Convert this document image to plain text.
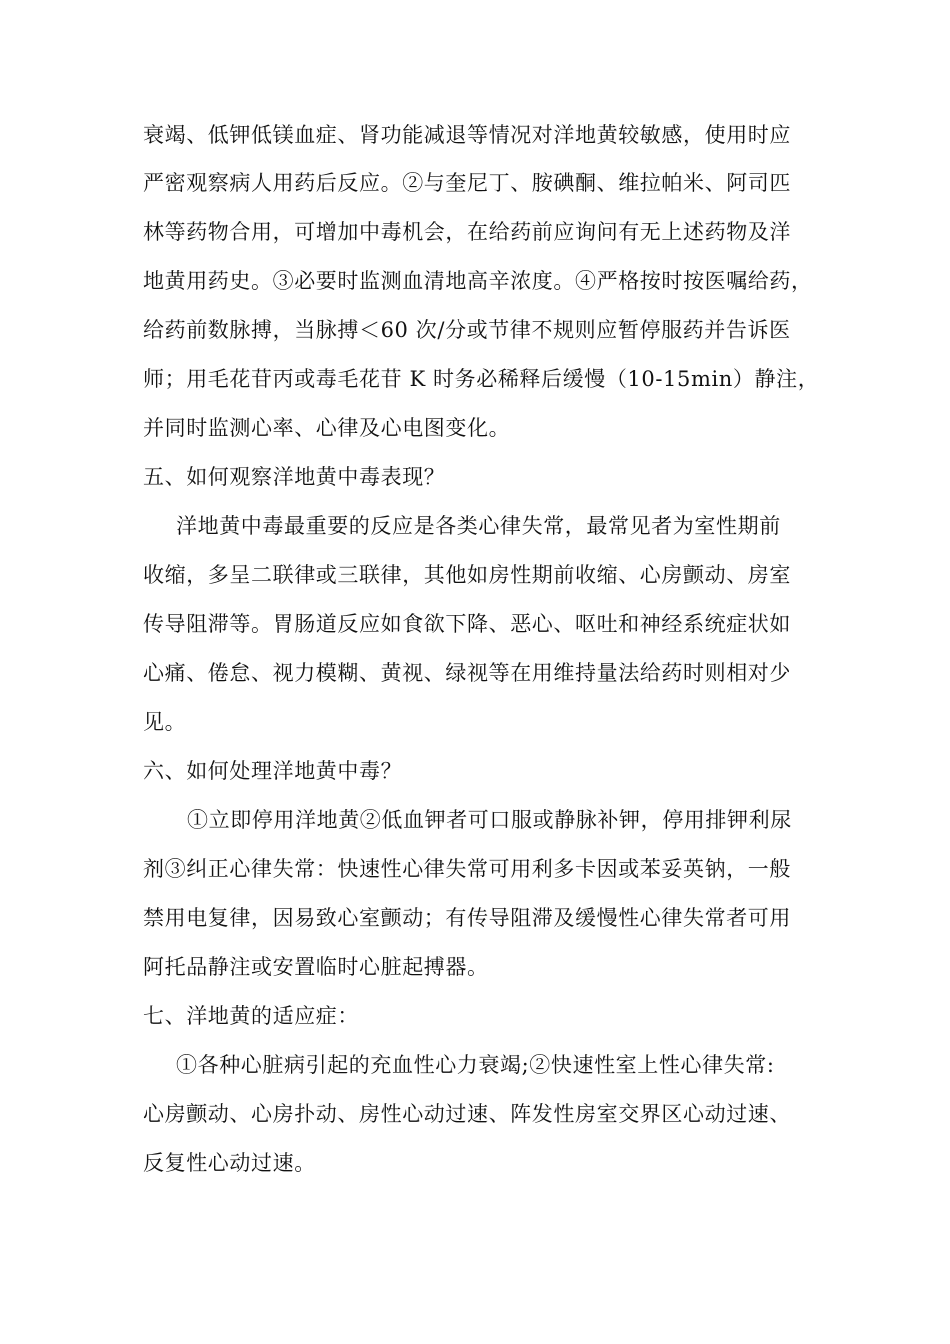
衰竭、低钾低镁血症、肾功能减退等情况对洋地黄较敏感，使用时应
严密观察病人用药后反应。②与奎尼丁、胺碘酮、维拉帕米、阿司匹
林等药物合用，可增加中毒机会，在给药前应询问有无上述药物及洋
地黄用药史。③必要时监测血清地高辛浓度。④严格按时按医嘱给药，
给药前数脉搏，当脉搏＜60 次/分或节律不规则应暂停服药并告诉医
师；用毛花苷丙或毒毛花苷 K 时务必稀释后缓慢（10-15min）静注，
并同时监测心率、心律及心电图变化。
五、如何观察洋地黄中毒表现？
洋地黄中毒最重要的反应是各类心律失常，最常见者为室性期前
收缩，多呈二联律或三联律，其他如房性期前收缩、心房颤动、房室
传导阻滞等。胃肠道反应如食欲下降、恶心、呕吐和神经系统症状如
心痛、倦怠、视力模糊、黄视、绿视等在用维持量法给药时则相对少
见。
六、如何处理洋地黄中毒？
①立即停用洋地黄②低血钾者可口服或静脉补钾，停用排钾利尿
剂③纠正心律失常：快速性心律失常可用利多卡因或苯妥英钠，一般
禁用电复律，因易致心室颤动；有传导阻滞及缓慢性心律失常者可用
阿托品静注或安置临时心脏起搏器。
七、洋地黄的适应症：
①各种心脏病引起的充血性心力衰竭;②快速性室上性心律失常:
心房颤动、心房扑动、房性心动过速、阵发性房室交界区心动过速、
反复性心动过速。
